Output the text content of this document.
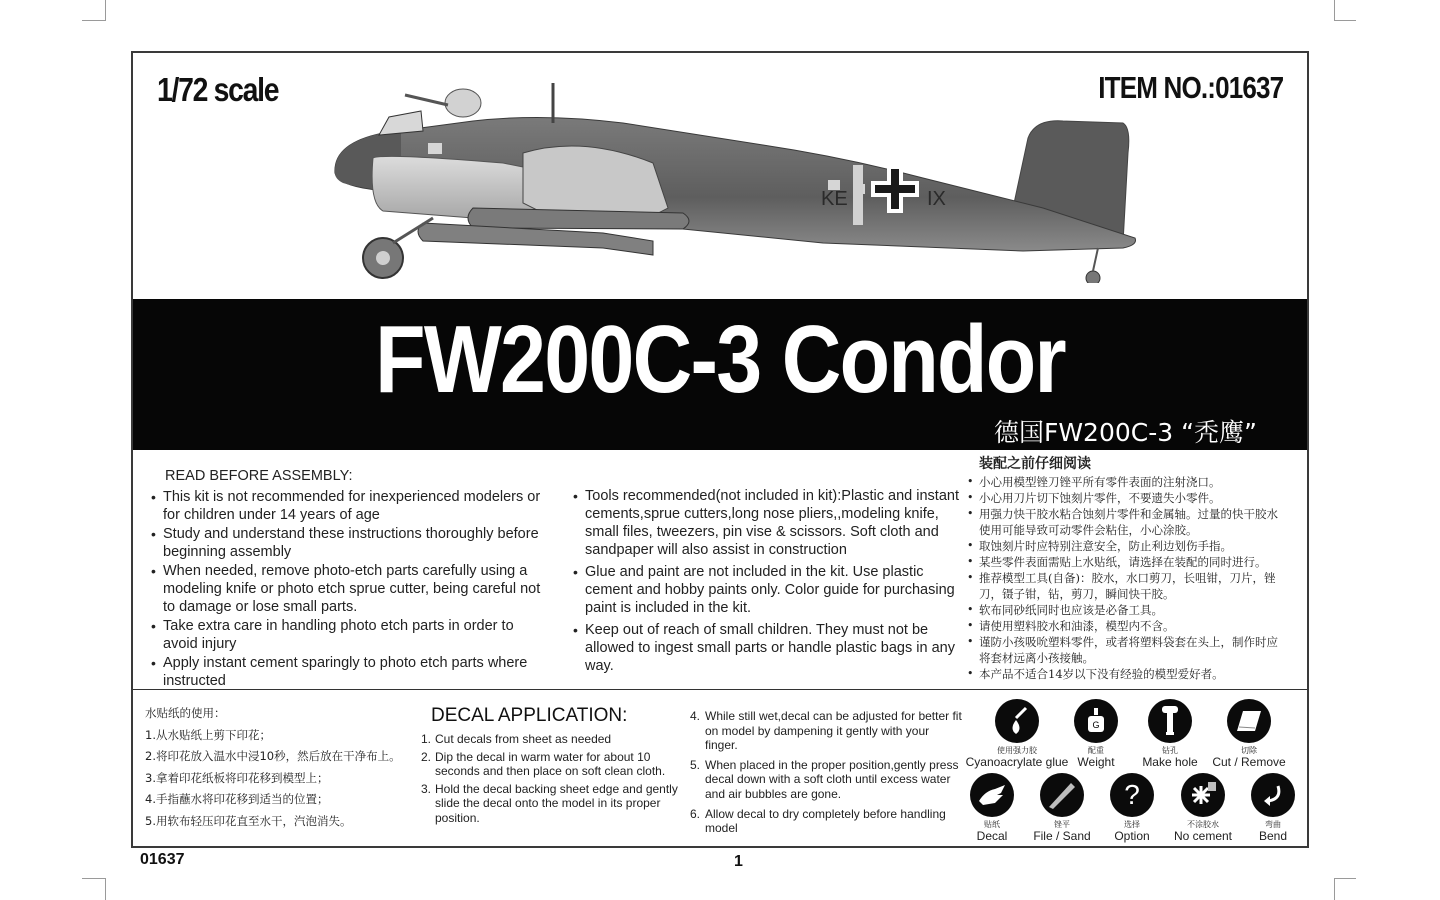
1/72 scale	ITEM NO.:01637
KE	IX
FW200C-3 Condor
德国FW200C-3 “秃鹰”
READ BEFORE ASSEMBLY:
• This kit is not recommended for inexperienced modelers or for children under 14 years of age
• Study and understand these instructions thoroughly before beginning assembly
• When needed, remove photo-etch parts carefully using a modeling knife or photo etch sprue cutter, being careful not to damage or lose small parts.
• Take extra care in handling photo etch parts in order to avoid injury
• Apply instant cement sparingly to photo etch parts where instructed
• Tools recommended(not included in kit):Plastic and instant cements,sprue cutters,long nose pliers,,modeling knife, small files, tweezers, pin vise & scissors. Soft cloth and sandpaper will also assist in construction
• Glue and paint are not included in the kit. Use plastic cement and hobby paints only. Color guide for purchasing paint is included in the kit.
• Keep out of reach of small children. They must not be allowed to ingest small parts or handle plastic bags in any way.
装配之前仔细阅读
• 小心用模型锉刀锉平所有零件表面的注射浇口。
• 小心用刀片切下蚀刻片零件，不要遗失小零件。
• 用强力快干胶水粘合蚀刻片零件和金属轴。过量的快干胶水使用可能导致可动零件会粘住，小心涂胶。
• 取蚀刻片时应特别注意安全，防止利边划伤手指。
• 某些零件表面需贴上水贴纸，请选择在装配的同时进行。
• 推荐模型工具(自备)：胶水，水口剪刀，长咀钳，刀片，锉刀，镊子钳，钻，剪刀，瞬间快干胶。
• 软布同砂纸同时也应该是必备工具。
• 请使用塑料胶水和油漆，模型内不含。
• 谨防小孩吸吮塑料零件，或者将塑料袋套在头上，制作时应将套材远离小孩接触。
• 本产品不适合14岁以下没有经验的模型爱好者。
水贴纸的使用：
1.从水贴纸上剪下印花；
2.将印花放入温水中浸10秒，然后放在干净布上。
3.拿着印花纸板将印花移到模型上；
4.手指蘸水将印花移到适当的位置；
5.用软布轻压印花直至水干，汽泡消失。
DECAL APPLICATION:
1. Cut decals from sheet as needed
2. Dip the decal in warm water for about 10 seconds and then place on soft clean cloth.
3. Hold the decal backing sheet edge and gently slide the decal onto the model in its proper position.
4. While still wet,decal can be adjusted for better fit on model by dampening it gently with your finger.
5. When placed in the proper position,gently press decal down with a soft cloth until excess water and air bubbles are gone.
6. Allow decal to dry completely before handling model
使用强力胶
Cyanoacrylate glue
G
配重
Weight
钻孔
Make hole
切除
Cut / Remove
贴纸
Decal
锉平
File / Sand
?
选择
Option
不涂胶水
No cement
弯曲
Bend
01637	1
